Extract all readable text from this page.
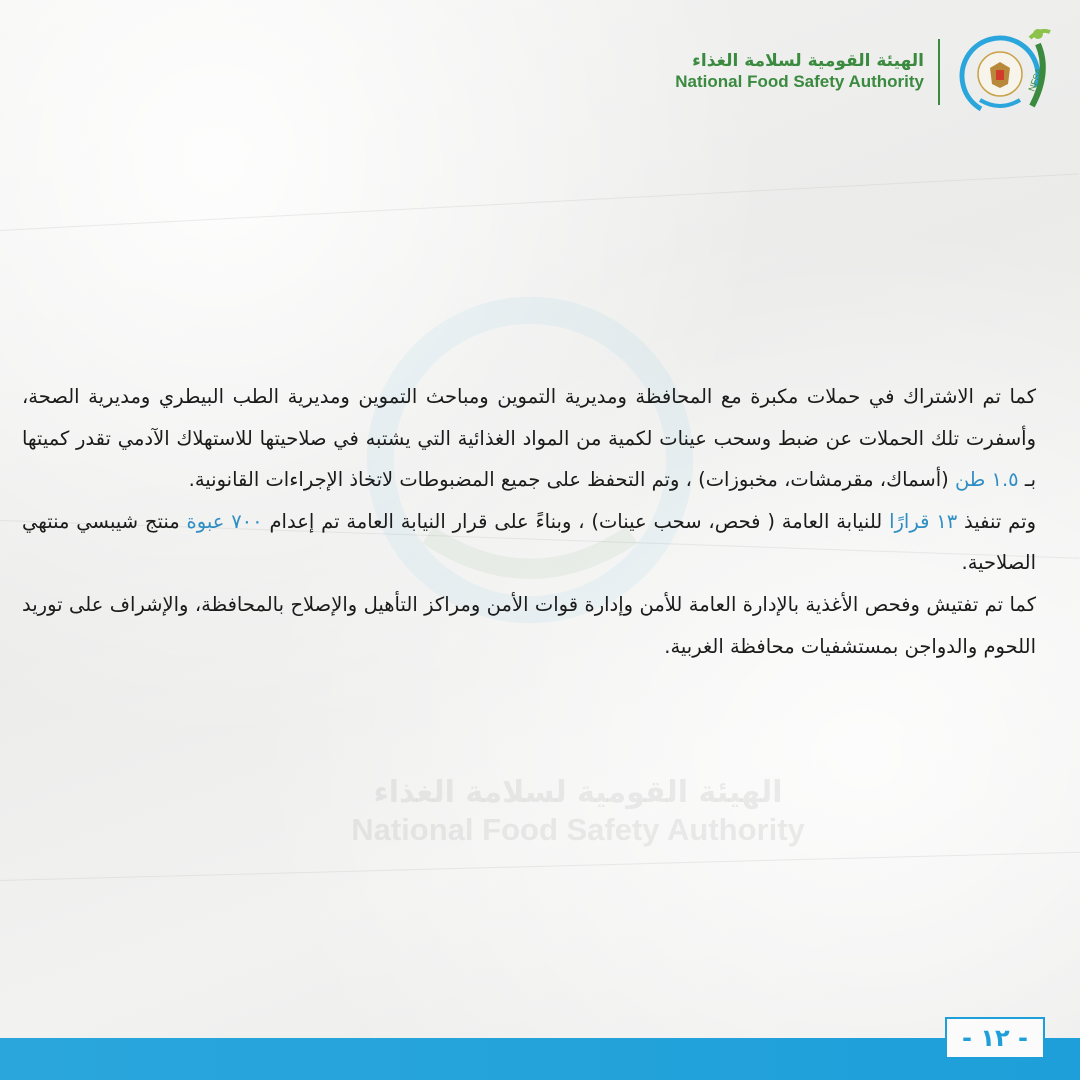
الهيئة القومية لسلامة الغذاء
National Food Safety Authority
الهيئة القومية لسلامة الغذاء
National Food Safety Authority	NFSA

كما تم الاشتراك في حملات مكبرة مع المحافظة ومديرية التموين ومباحث التموين ومديرية الطب البيطري ومديرية الصحة، وأسفرت تلك الحملات عن ضبط وسحب عينات لكمية من المواد الغذائية التي يشتبه في صلاحيتها للاستهلاك الآدمي تقدر كميتها بـ ١.٥ طن (أسماك، مقرمشات، مخبوزات) ، وتم التحفظ على جميع المضبوطات لاتخاذ الإجراءات القانونية.

وتم تنفيذ ١٣ قرارًا للنيابة العامة ( فحص، سحب عينات) ، وبناءً على قرار النيابة العامة تم إعدام ٧٠٠ عبوة منتج شيبسي منتهي الصلاحية.

كما تم تفتيش وفحص الأغذية بالإدارة العامة للأمن وإدارة قوات الأمن ومراكز التأهيل والإصلاح بالمحافظة، والإشراف على توريد اللحوم والدواجن بمستشفيات محافظة الغربية.

- ١٢ -
